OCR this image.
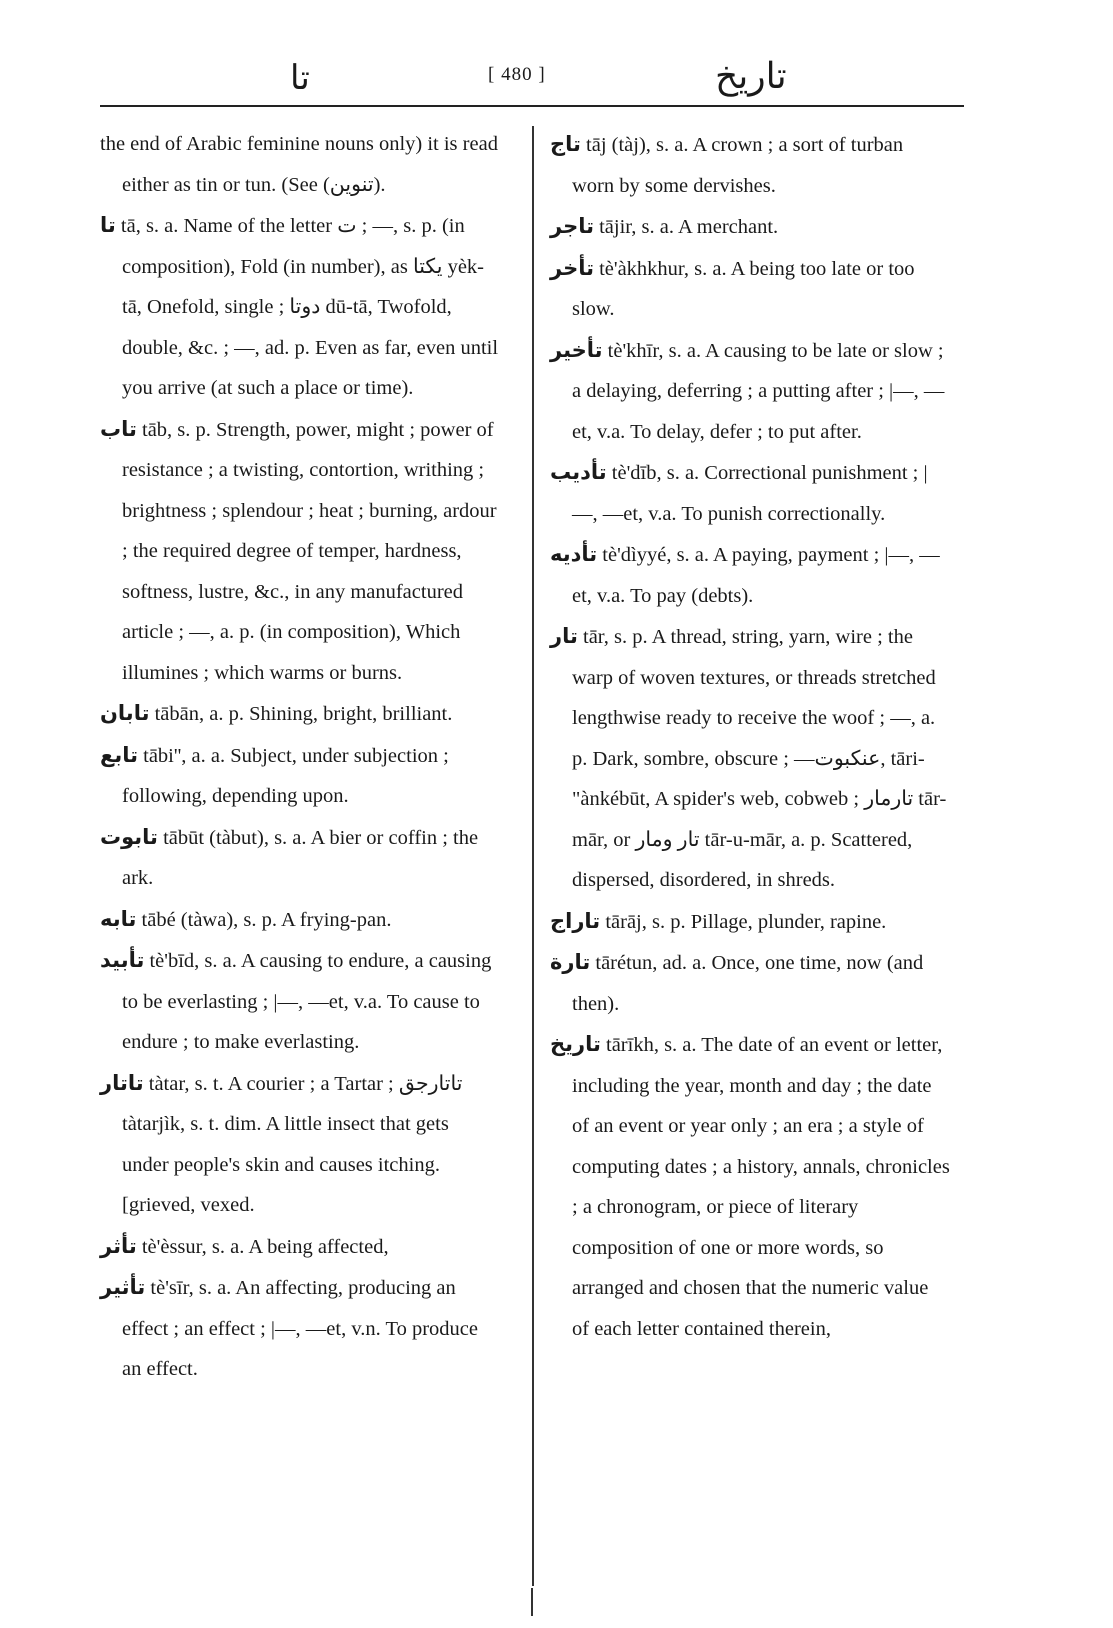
تا	[ 480 ]	تاریخ

the end of Arabic feminine nouns only) it is read either as tin or tun. (See (تنوين).

تا tā, s. a. Name of the letter ت ; —, s. p. (in composition), Fold (in number), as يكتا yèk-tā, Onefold, single ; دوتا dū-tā, Twofold, double, &c. ; —, ad. p. Even as far, even until you arrive (at such a place or time).

تاب tāb, s. p. Strength, power, might ; power of resistance ; a twisting, contortion, writhing ; brightness ; splendour ; heat ; burning, ardour ; the required degree of temper, hardness, softness, lustre, &c., in any manufactured article ; —, a. p. (in composition), Which illumines ; which warms or burns.

تابان tābān, a. p. Shining, bright, brilliant.

تابع tābi'', a. a. Subject, under subjection ; following, depending upon.

تابوت tābūt (tàbut), s. a. A bier or coffin ; the ark.

تابه tābé (tàwa), s. p. A frying-pan.

تأبيد tè'bīd, s. a. A causing to endure, a causing to be everlasting ; |—, —et, v.a. To cause to endure ; to make everlasting.

تاتار tàtar, s. t. A courier ; a Tartar ; تاتارجق tàtarjìk, s. t. dim. A little insect that gets under people's skin and causes itching. [grieved, vexed.

تأثر tè'èssur, s. a. A being affected,

تأثير tè'sīr, s. a. An affecting, producing an effect ; an effect ; |—, —et, v.n. To produce an effect.

تاج tāj (tàj), s. a. A crown ; a sort of turban worn by some dervishes.

تاجر tājir, s. a. A merchant.

تأخر tè'àkhkhur, s. a. A being too late or too slow.

تأخير tè'khīr, s. a. A causing to be late or slow ; a delaying, deferring ; a putting after ; |—, —et, v.a. To delay, defer ; to put after.

تأديب tè'dīb, s. a. Correctional punishment ; |—, —et, v.a. To punish correctionally.

تأديه tè'dìyyé, s. a. A paying, payment ; |—, —et, v.a. To pay (debts).

تار tār, s. p. A thread, string, yarn, wire ; the warp of woven textures, or threads stretched lengthwise ready to receive the woof ; —, a. p. Dark, sombre, obscure ; —عنكبوت, tāri-"ànkébūt, A spider's web, cobweb ; تارمار tār-mār, or تار ومار tār-u-mār, a. p. Scattered, dispersed, disordered, in shreds.

تاراج tārāj, s. p. Pillage, plunder, rapine.

تارة tārétun, ad. a. Once, one time, now (and then).

تاريخ tārīkh, s. a. The date of an event or letter, including the year, month and day ; the date of an event or year only ; an era ; a style of computing dates ; a history, annals, chronicles ; a chronogram, or piece of literary composition of one or more words, so arranged and chosen that the numeric value of each letter contained therein,
